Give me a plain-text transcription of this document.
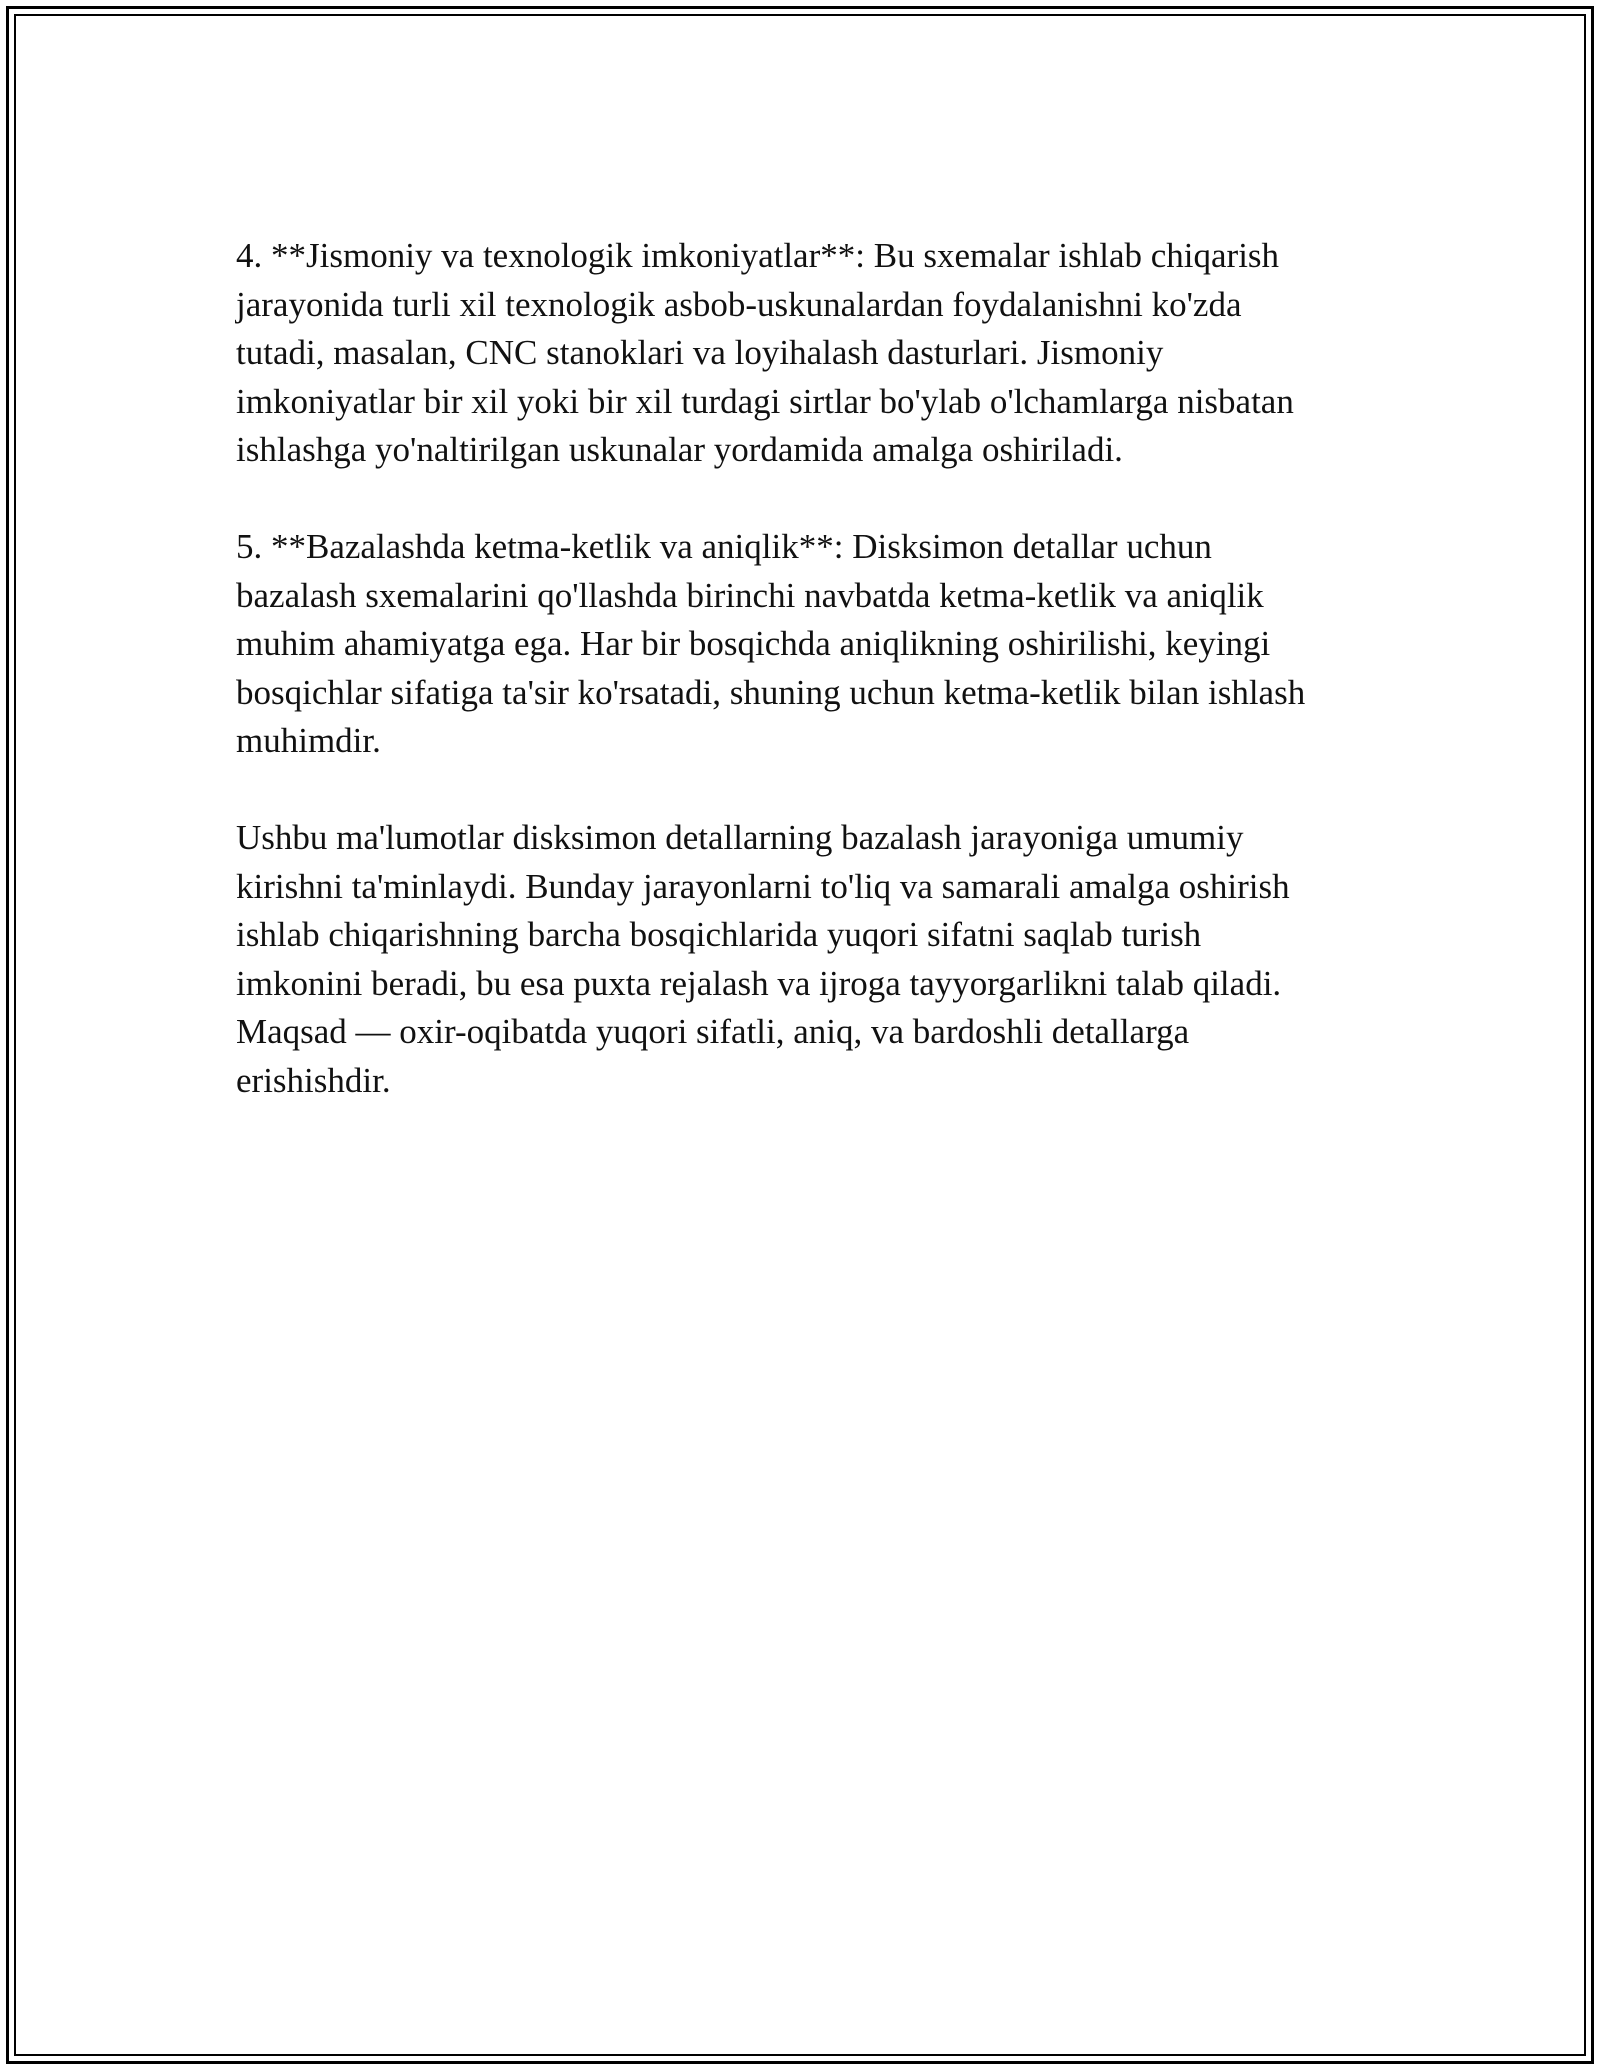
4. **Jismoniy va texnologik imkoniyatlar**: Bu sxemalar ishlab chiqarish
jarayonida turli xil texnologik asbob-uskunalardan foydalanishni ko'zda
tutadi, masalan, CNC stanoklari va loyihalash dasturlari. Jismoniy
imkoniyatlar bir xil yoki bir xil turdagi sirtlar bo'ylab o'lchamlarga nisbatan
ishlashga yo'naltirilgan uskunalar yordamida amalga oshiriladi.

5. **Bazalashda ketma-ketlik va aniqlik**: Disksimon detallar uchun
bazalash sxemalarini qo'llashda birinchi navbatda ketma-ketlik va aniqlik
muhim ahamiyatga ega. Har bir bosqichda aniqlikning oshirilishi, keyingi
bosqichlar sifatiga ta'sir ko'rsatadi, shuning uchun ketma-ketlik bilan ishlash
muhimdir.

Ushbu ma'lumotlar disksimon detallarning bazalash jarayoniga umumiy
kirishni ta'minlaydi. Bunday jarayonlarni to'liq va samarali amalga oshirish
ishlab chiqarishning barcha bosqichlarida yuqori sifatni saqlab turish
imkonini beradi, bu esa puxta rejalash va ijroga tayyorgarlikni talab qiladi.
Maqsad — oxir-oqibatda yuqori sifatli, aniq, va bardoshli detallarga
erishishdir.
